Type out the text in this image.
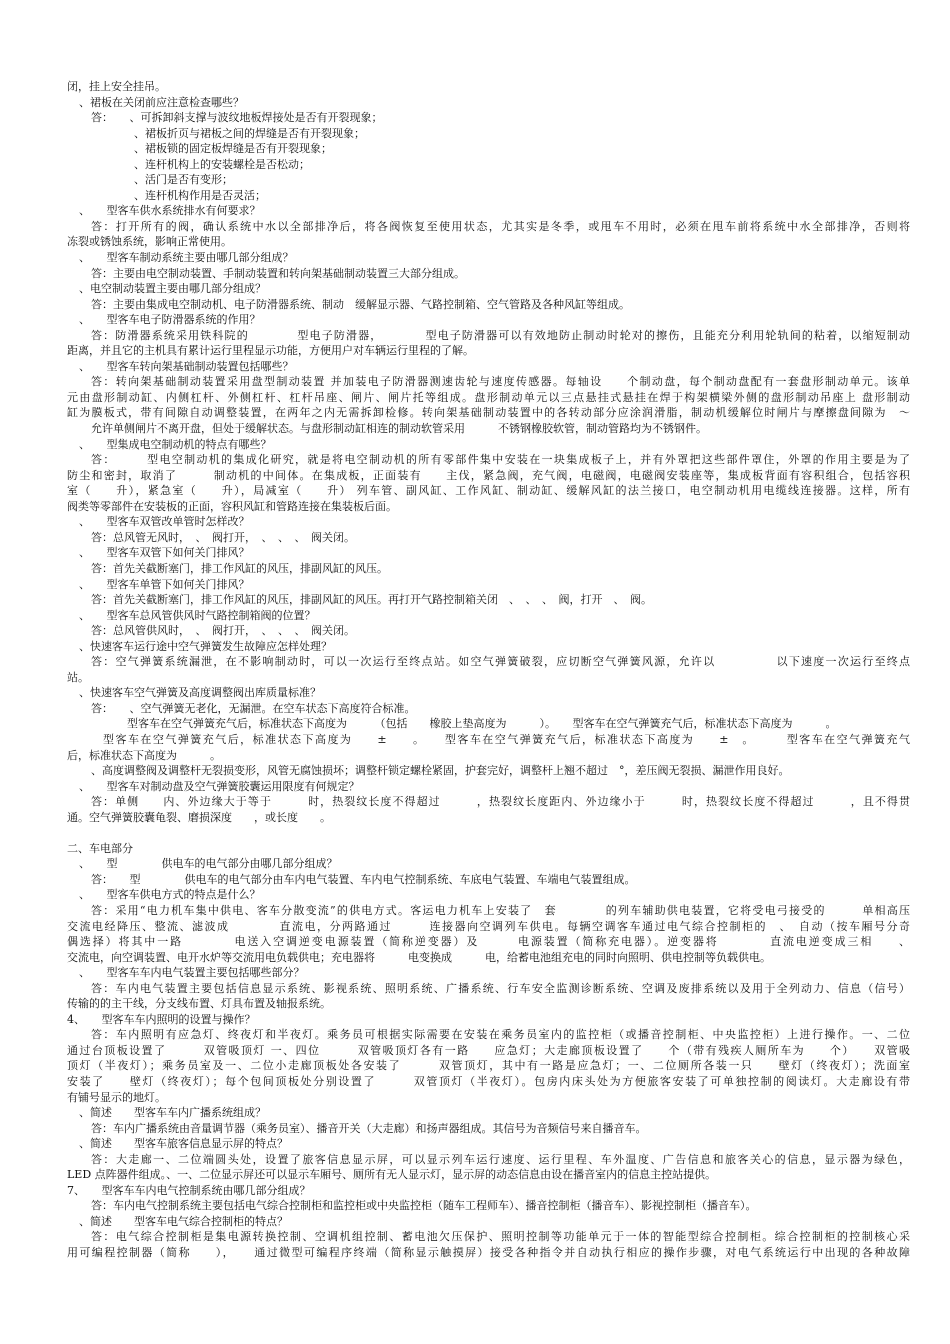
闭，挂上安全挂吊。
、裙板在关闭前应注意检查哪些？
答：　　、可拆卸斜支撑与波纹地板焊接处是否有开裂现象；
、裙板折页与裙板之间的焊缝是否有开裂现象；
、裙板锁的固定板焊缝是否有开裂现象；
、连杆机构上的安装螺栓是否松动；
、活门是否有变形；
、连杆机构作用是否灵活；
、　　型客车供水系统排水有何要求？
答：打开所有的阀，确认系统中水以全部排净后，将各阀恢复至使用状态，尤其实是冬季，或甩车不用时，必须在甩车前将系统中水全部排净，否则将
冻裂或锈蚀系统，影响正常使用。
、　　型客车制动系统主要由哪几部分组成？
答：主要由电空制动装置、手制动装置和转向架基础制动装置三大部分组成。
、电空制动装置主要由哪几部分组成？
答：主要由集成电空制动机、电子防滑器系统、制动　缓解显示器、气路控制箱、空气管路及各种风缸等组成。
、　　型客车电子防滑器系统的作用？
答：防滑器系统采用铁科院的　　　　型电子防滑器，　　　　型电子防滑器可以有效地防止制动时轮对的擦伤，且能充分利用轮轨间的粘着，以缩短制动
距离，并且它的主机具有累计运行里程显示功能，方便用户对车辆运行里程的了解。
、　　型客车转向架基础制动装置包括哪些？
答：转向架基础制动装置采用盘型制动装置 并加装电子防滑器测速齿轮与速度传感器。每轴设　　个制动盘，每个制动盘配有一套盘形制动单元。该单
元由盘形制动缸、内侧杠杆、外侧杠杆、杠杆吊座、闸片、闸片托等组成。盘形制动单元以三点悬挂式悬挂在焊于构架横梁外侧的盘形制动吊座上 盘形制动
缸为膜板式，带有间隙自动调整装置，在两年之内无需拆卸检修。转向架基础制动装置中的各转动部分应涂润滑脂，制动机缓解位时闸片与摩擦盘间隙为　～
允许单侧闸片不离开盘，但处于缓解状态。与盘形制动缸相连的制动软管采用　　　不锈钢橡胶软管，制动管路均为不锈钢件。
、　　型集成电空制动机的特点有哪些？
答：　　　型电空制动机的集成化研究，就是将电空制动机的所有零部件集中安装在一块集成板子上，并有外罩把这些部件罩住，外罩的作用主要是为了
防尘和密封，取消了　　　制动机的中间体。在集成板，正面装有　　主伐，紧急阀，充气阀，电磁阀，电磁阀安装座等，集成板背面有容积组合，包括容积
室（　　升），紧急室（　　升），局减室（　　升） 列车管、副风缸、工作风缸、制动缸、缓解风缸的法兰接口，电空制动机用电缆线连接器。这样，所有
阀类等零部件在安装板的正面，容积风缸和管路连接在集装板后面。
、　　型客车双管改单管时怎样改？
答：总风管无风时，　、　阀打开，　、　、　、　阀关闭。
、　　型客车双管下如何关门排风？
答：首先关截断塞门，排工作风缸的风压，排副风缸的风压。
、　　型客车单管下如何关门排风？
答：首先关截断塞门，排工作风缸的风压，排副风缸的风压。再打开气路控制箱关闭　、　、　、　阀，打开　、　阀。
、　　型客车总风管供风时气路控制箱阀的位置？
答：总风管供风时，　、　阀打开，　、　、　、　阀关闭。
、快速客车运行途中空气弹簧发生故障应怎样处理？
答：空气弹簧系统漏泄，在不影响制动时，可以一次运行至终点站。如空气弹簧破裂，应切断空气弹簧风源，允许以　　　　　以下速度一次运行至终点
站。
、快速客车空气弹簧及高度调整阀出库质量标准？
答：　　、空气弹簧无老化，无漏泄。在空车状态下高度符合标准。
型客车在空气弹簧充气后，标准状态下高度为　　　（包括　　橡胶上垫高度为　　　）。　　型客车在空气弹簧充气后，标准状态下高度为　　　。
型客车在空气弹簧充气后，标准状态下高度为　　±　　。　　型客车在空气弹簧充气后，标准状态下高度为　　±　。　　　型客车在空气弹簧充气
后，标准状态下高度为　　　。
、高度调整阀及调整杆无裂损变形，风管无腐蚀损坏；调整杆锁定螺栓紧固，护套完好，调整杆上翘不超过　°，差压阀无裂损、漏泄作用良好。
、　　型客车对制动盘及空气弹簧胶囊运用限度有何规定？
答：单侧　　内、外边缘大于等于　　　时，热裂纹长度不得超过　　　，热裂纹长度距内、外边缘小于　　　时，热裂纹长度不得超过　　　，且不得贯
通。空气弹簧胶囊龟裂、磨损深度　　，或长度　　。
二、车电部分
、　　型　　　　供电车的电气部分由哪几部分组成？
答：　　型　　　　供电车的电气部分由车内电气装置、车内电气控制系统、车底电气装置、车端电气装置组成。
、　　型客车供电方式的特点是什么？
答：采用“电力机车集中供电、客车分散变流”的供电方式。客运电力机车上安装了　套　　　　的列车辅助供电装置，它将受电弓接受的　　　单相高压
交流电经降压、整流、滤波成　　　　直流电，分两路通过　　　连接器向空调列车供电。每辆空调客车通过电气综合控制柜的　、　自动（按车厢号分奇
偶选择）将其中一路　　　　电送入空调逆变电源装置（简称逆变器）及　　　电源装置（简称充电器）。逆变器将　　　　直流电逆变成三相　　、
交流电，向空调装置、电开水炉等交流用电负载供电；充电器将　　　电变换成　　　电，给蓄电池组充电的同时向照明、供电控制等负载供电。
、　　型客车车内电气装置主要包括哪些部分？
答：车内电气装置主要包括信息显示系统、影视系统、照明系统、广播系统、行车安全监测诊断系统、空调及废排系统以及用于全列动力、信息（信号）
传输的的主干线，分支线布置、灯具布置及轴报系统。
4、　　型客车车内照明的设置与操作？
答：车内照明有应急灯、终夜灯和半夜灯。乘务员可根据实际需要在安装在乘务员室内的监控柜（或播音控制柜、中央监控柜）上进行操作。一、二位
通过台顶板设置了　　　双管吸顶灯 一、四位　　　双管吸顶灯各有一路　　应急灯；大走廊顶板设置了　　个（带有残疾人厕所车为　　个）　　双管吸
顶灯（半夜灯）；乘务员室及一、二位小走廊顶板处各安装了　　　双管顶灯，其中有一路是应急灯；一、二位厕所各装一只　　壁灯（终夜灯）；洗面室
安装了　　壁灯（终夜灯）；每个包间顶板处分别设置了　　　双管顶灯（半夜灯）。包房内床头处为方便旅客安装了可单独控制的阅读灯。大走廊设有带
有铺号显示的地灯。
、简述　　型客车车内广播系统组成？
答：车内广播系统由音量调节器（乘务员室）、播音开关（大走廊）和扬声器组成。其信号为音频信号来自播音车。
、简述　　型客车旅客信息显示屏的特点？
答：大走廊一、二位端圆头处，设置了旅客信息显示屏，可以显示列车运行速度、运行里程、车外温度、广告信息和旅客关心的信息，显示器为绿色，
LED 点阵器件组成。、一、二位显示屏还可以显示车厢号、厕所有无人显示灯，显示屏的动态信息由设在播音室内的信息主控站提供。
7、　　型客车车内电气控制系统由哪几部分组成？
答：车内电气控制系统主要包括电气综合控制柜和监控柜或中央监控柜（随车工程师车）、播音控制柜（播音车）、影视控制柜（播音车）。
、简述　　型客车电气综合控制柜的特点？
答：电气综合控制柜是集电源转换控制、空调机组控制、蓄电池欠压保护、照明控制等功能单元于一体的智能型综合控制柜。综合控制柜的控制核心采
用可编程控制器（简称　　），　　通过微型可编程序终端（简称显示触摸屏）接受各种指令并自动执行相应的操作步骤，对电气系统运行中出现的各种故障
